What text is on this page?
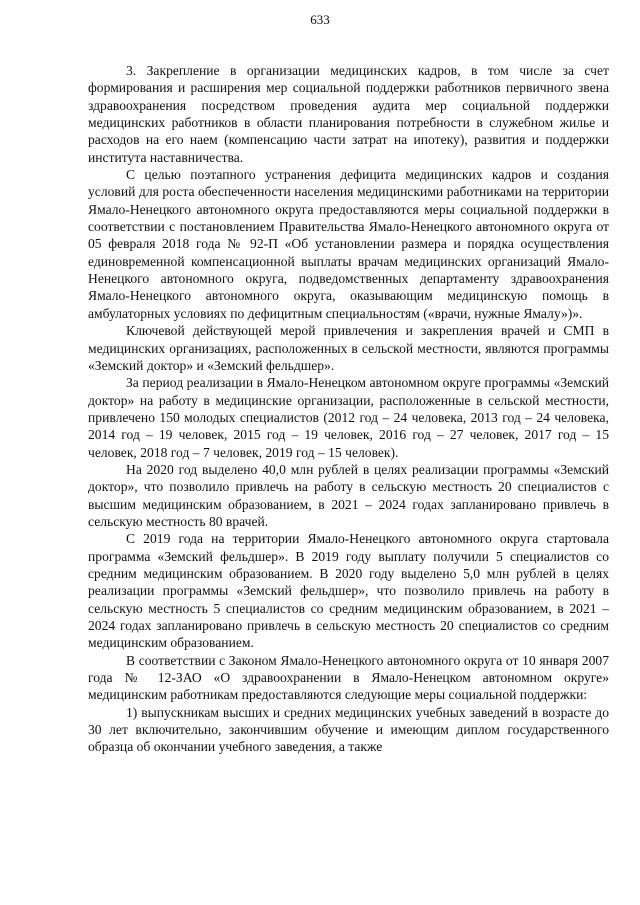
633

3. Закрепление в организации медицинских кадров, в том числе за счет формирования и расширения мер социальной поддержки работников первичного звена здравоохранения посредством проведения аудита мер социальной поддержки медицинских работников в области планирования потребности в служебном жилье и расходов на его наем (компенсацию части затрат на ипотеку), развития и поддержки института наставничества.

С целью поэтапного устранения дефицита медицинских кадров и создания условий для роста обеспеченности населения медицинскими работниками на территории Ямало-Ненецкого автономного округа предоставляются меры социальной поддержки в соответствии с постановлением Правительства Ямало-Ненецкого автономного округа от 05 февраля 2018 года № 92-П «Об установлении размера и порядка осуществления единовременной компенсационной выплаты врачам медицинских организаций Ямало-Ненецкого автономного округа, подведомственных департаменту здравоохранения Ямало-Ненецкого автономного округа, оказывающим медицинскую помощь в амбулаторных условиях по дефицитным специальностям («врачи, нужные Ямалу»)».

Ключевой действующей мерой привлечения и закрепления врачей и СМП в медицинских организациях, расположенных в сельской местности, являются программы «Земский доктор» и «Земский фельдшер».

За период реализации в Ямало-Ненецком автономном округе программы «Земский доктор» на работу в медицинские организации, расположенные в сельской местности, привлечено 150 молодых специалистов (2012 год – 24 человека, 2013 год – 24 человека, 2014 год – 19 человек, 2015 год – 19 человек, 2016 год – 27 человек, 2017 год – 15 человек, 2018 год – 7 человек, 2019 год – 15 человек).

На 2020 год выделено 40,0 млн рублей в целях реализации программы «Земский доктор», что позволило привлечь на работу в сельскую местность 20 специалистов с высшим медицинским образованием, в 2021 – 2024 годах запланировано привлечь в сельскую местность 80 врачей.

С 2019 года на территории Ямало-Ненецкого автономного округа стартовала программа «Земский фельдшер». В 2019 году выплату получили 5 специалистов со средним медицинским образованием. В 2020 году выделено 5,0 млн рублей в целях реализации программы «Земский фельдшер», что позволило привлечь на работу в сельскую местность 5 специалистов со средним медицинским образованием, в 2021 – 2024 годах запланировано привлечь в сельскую местность 20 специалистов со средним медицинским образованием.

В соответствии с Законом Ямало-Ненецкого автономного округа от 10 января 2007 года № 12-ЗАО «О здравоохранении в Ямало-Ненецком автономном округе» медицинским работникам предоставляются следующие меры социальной поддержки:

1) выпускникам высших и средних медицинских учебных заведений в возрасте до 30 лет включительно, закончившим обучение и имеющим диплом государственного образца об окончании учебного заведения, а также
